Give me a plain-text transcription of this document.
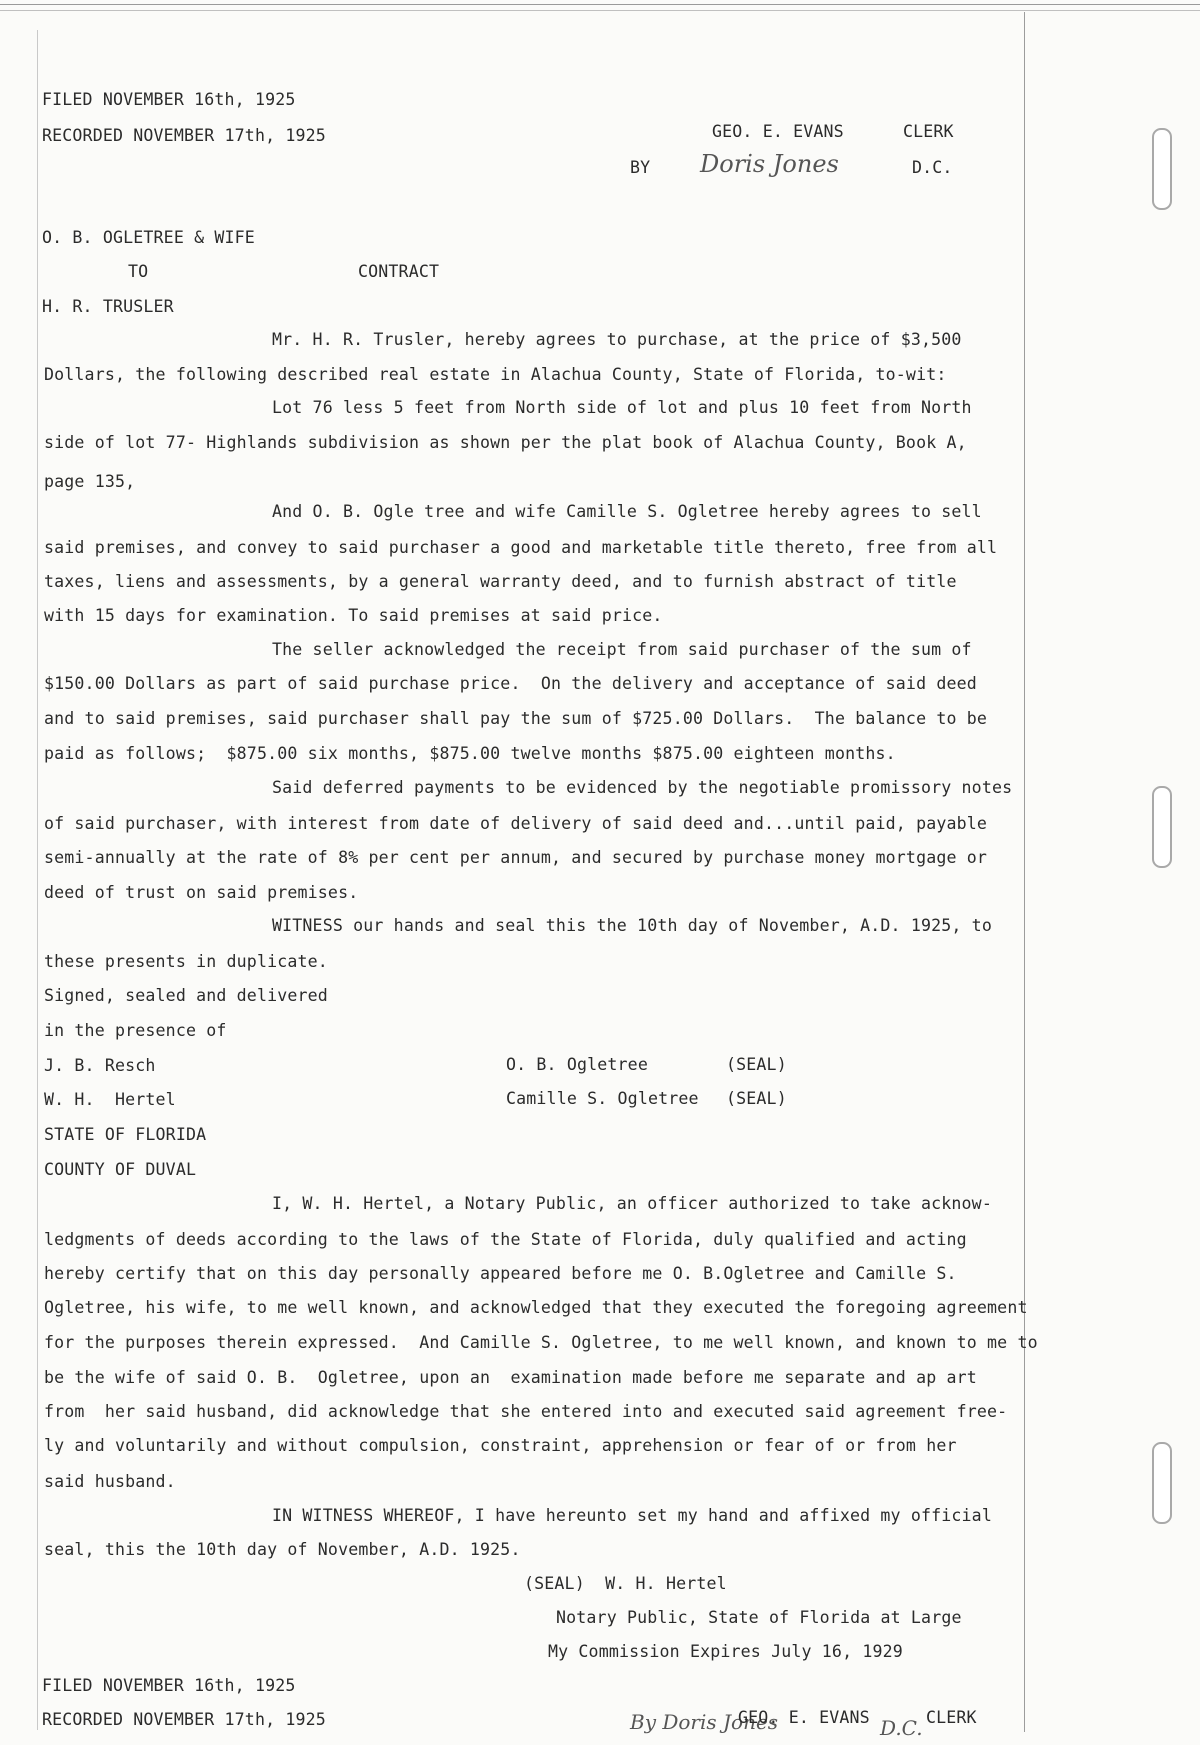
FILED NOVEMBER 16th, 1925
RECORDED NOVEMBER 17th, 1925	GEO. E. EVANS	CLERK
BY Doris Jones	D.C.
O. B. OGLETREE & WIFE
TO	CONTRACT
H. R. TRUSLER
Mr. H. R. Trusler, hereby agrees to purchase, at the price of $3,500
Dollars, the following described real estate in Alachua County, State of Florida, to-wit:
Lot 76 less 5 feet from North side of lot and plus 10 feet from North
side of lot 77- Highlands subdivision as shown per the plat book of Alachua County, Book A,
page 135,
And O. B. Ogle tree and wife Camille S. Ogletree hereby agrees to sell
said premises, and convey to said purchaser a good and marketable title thereto, free from all
taxes, liens and assessments, by a general warranty deed, and to furnish abstract of title
with 15 days for examination. To said premises at said price.
The seller acknowledged the receipt from said purchaser of the sum of
$150.00 Dollars as part of said purchase price.  On the delivery and acceptance of said deed
and to said premises, said purchaser shall pay the sum of $725.00 Dollars.  The balance to be
paid as follows;  $875.00 six months, $875.00 twelve months $875.00 eighteen months.
Said deferred payments to be evidenced by the negotiable promissory notes
of said purchaser, with interest from date of delivery of said deed and...until paid, payable
semi-annually at the rate of 8% per cent per annum, and secured by purchase money mortgage or
deed of trust on said premises.
WITNESS our hands and seal this the 10th day of November, A.D. 1925, to
these presents in duplicate.
Signed, sealed and delivered
in the presence of
J. B. Resch
W. H.  Hertel
O. B. Ogletree	(SEAL)
Camille S. Ogletree (SEAL)
STATE OF FLORIDA
COUNTY OF DUVAL
I, W. H. Hertel, a Notary Public, an officer authorized to take acknow-
ledgments of deeds according to the laws of the State of Florida, duly qualified and acting
hereby certify that on this day personally appeared before me O. B.Ogletree and Camille S.
Ogletree, his wife, to me well known, and acknowledged that they executed the foregoing agreement
for the purposes therein expressed.  And Camille S. Ogletree, to me well known, and known to me to
be the wife of said O. B.  Ogletree, upon an  examination made before me separate and ap art
from  her said husband, did acknowledge that she entered into and executed said agreement free-
ly and voluntarily and without compulsion, constraint, apprehension or fear of or from her
said husband.
IN WITNESS WHEREOF, I have hereunto set my hand and affixed my official
seal, this the 10th day of November, A.D. 1925.
(SEAL)  W. H. Hertel
Notary Public, State of Florida at Large
My Commission Expires July 16, 1929
FILED NOVEMBER 16th, 1925
RECORDED NOVEMBER 17th, 1925	By Doris Jones
GEO. E. EVANS	CLERK
D.C.
